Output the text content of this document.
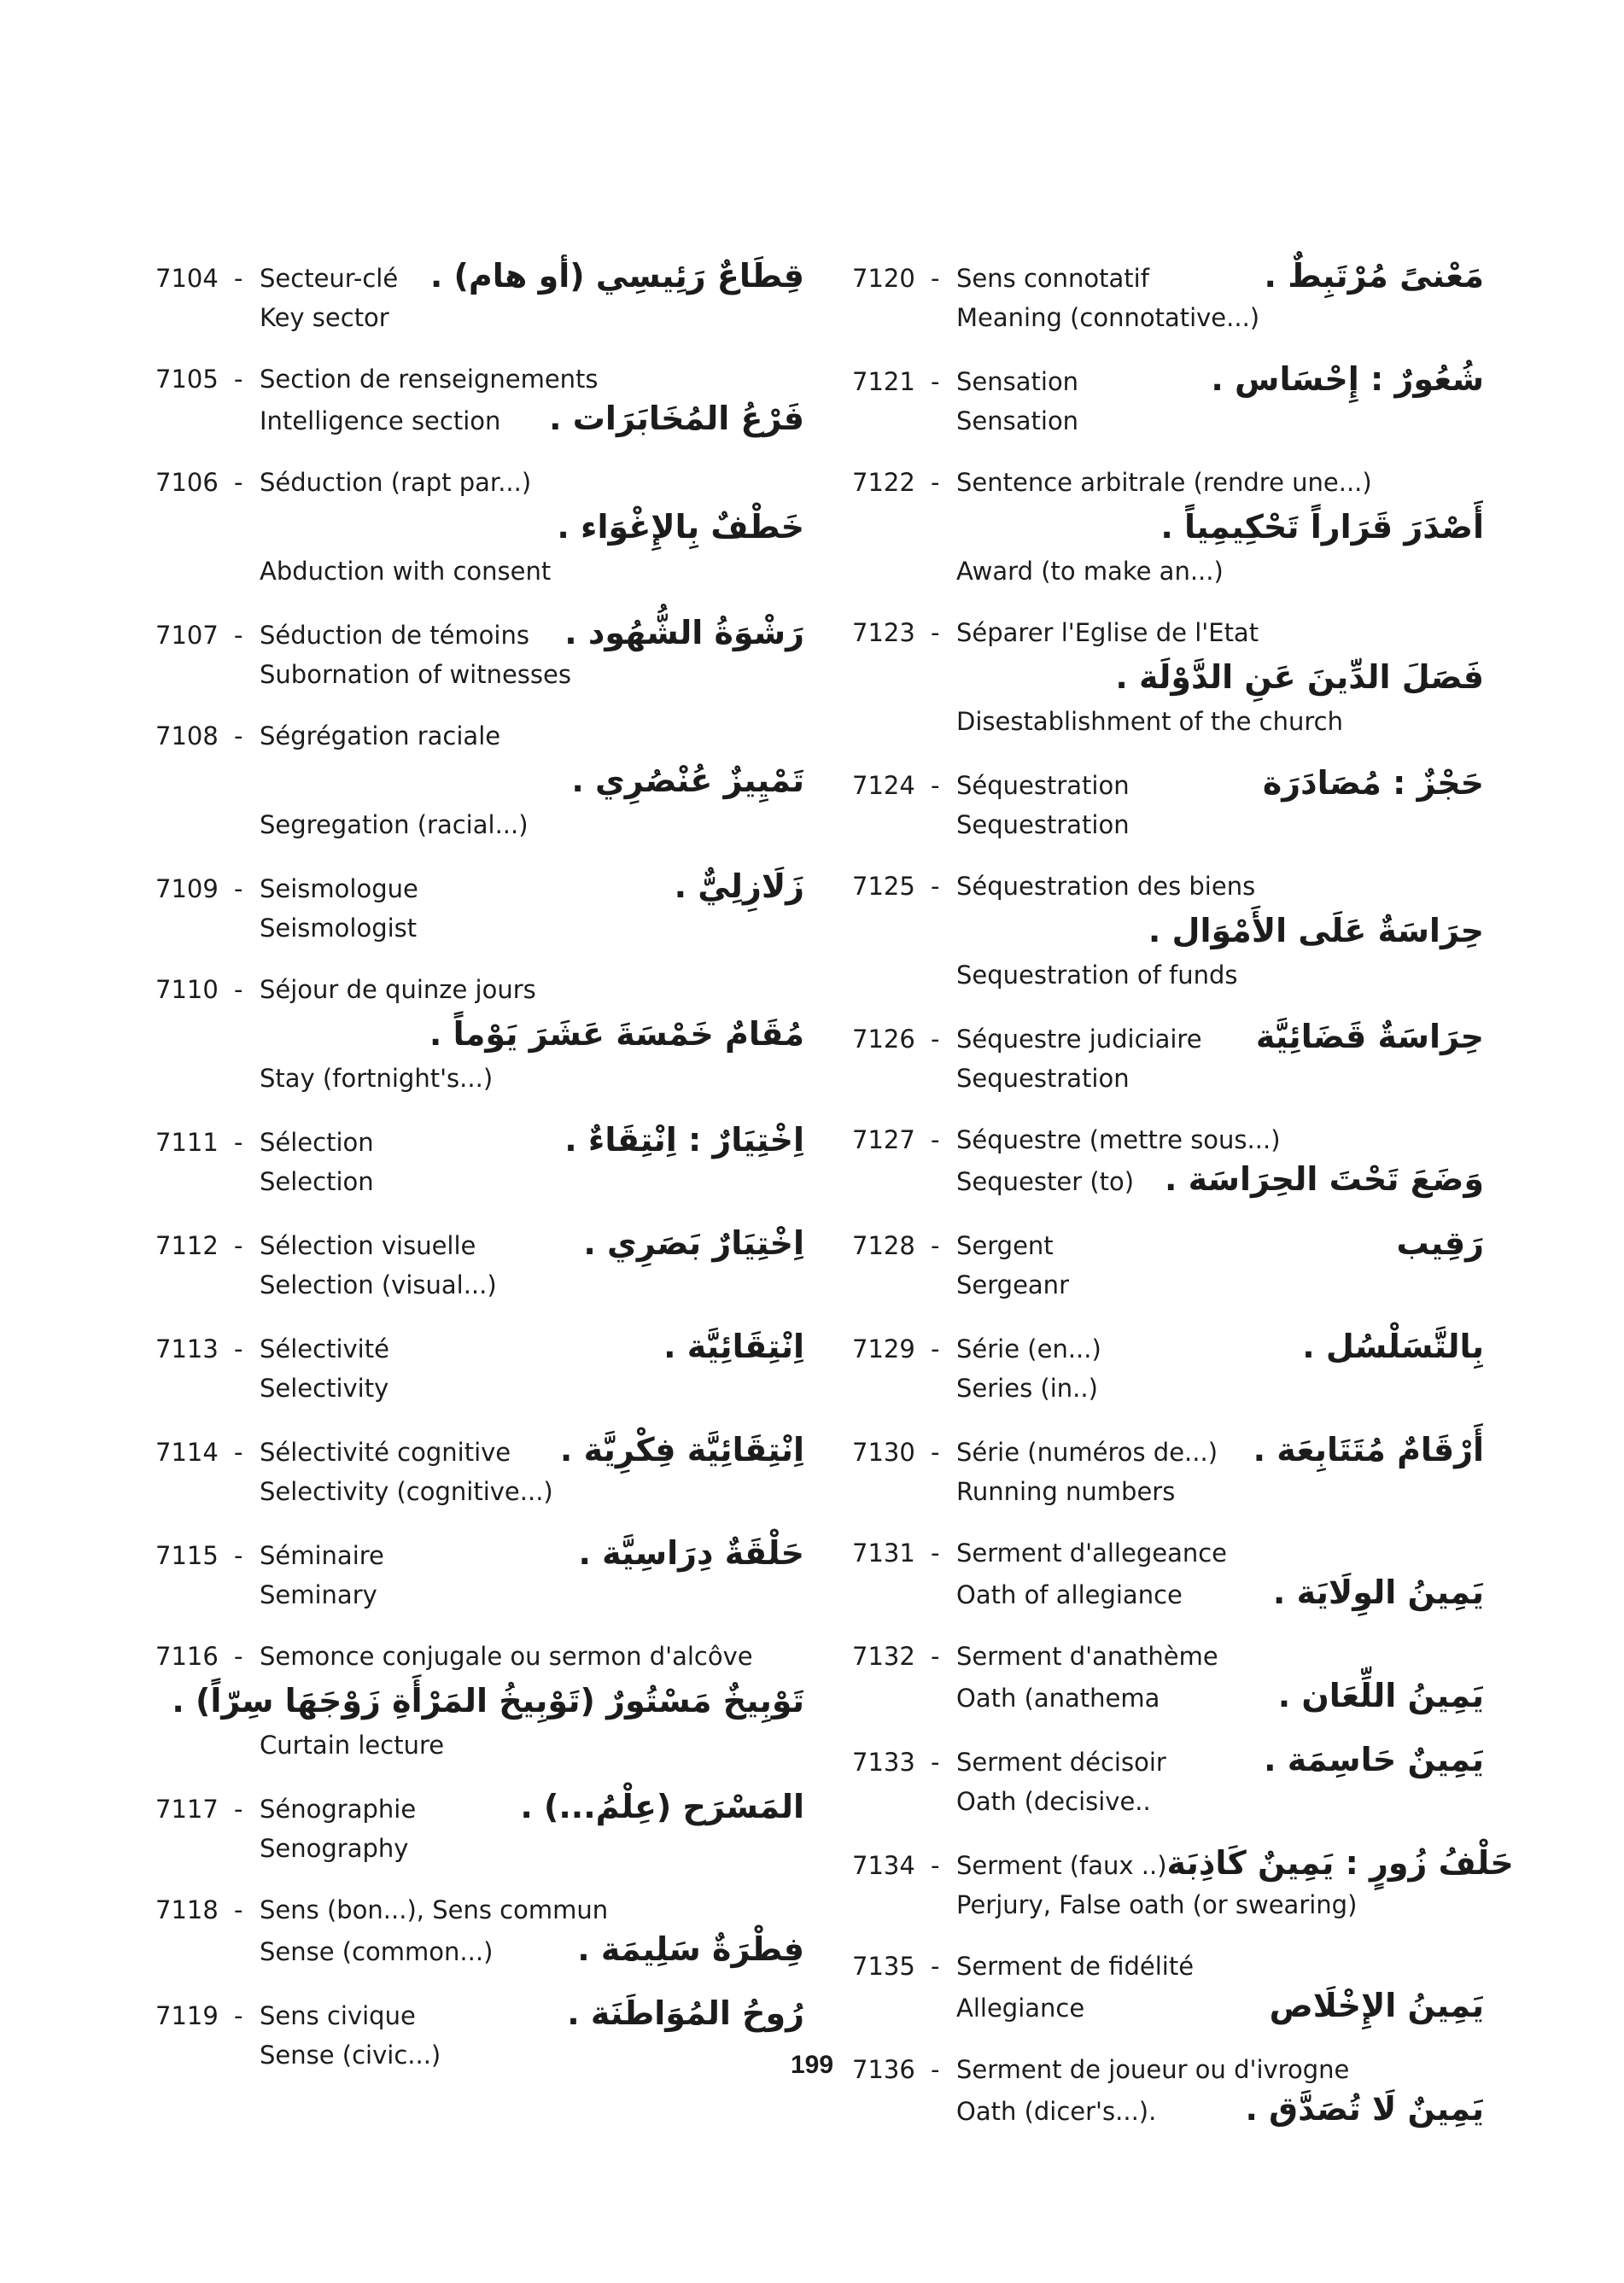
7104 - Secteur-clé قِطَاعٌ رَئِيسِي (أو هام) .
Key sector
7105 - Section de renseignements
Intelligence section	فَرْعُ المُخَابَرَات .
7106 - Séduction (rapt par...)
خَطْفٌ بِالإِغْوَاء .
Abduction with consent
7107 - Séduction de témoins	رَشْوَةُ الشُّهُود .
Subornation of witnesses
7108 - Ségrégation raciale
تَمْيِيزٌ عُنْصُرِي .
Segregation (racial...)
7109 - Seismologue	زَلَازِلِيٌّ .
Seismologist
7110 - Séjour de quinze jours
مُقَامٌ خَمْسَةَ عَشَرَ يَوْماً .
Stay (fortnight's...)
7111 - Sélection	اِخْتِيَارٌ : اِنْتِقَاءٌ .
Selection
7112 - Sélection visuelle	اِخْتِيَارٌ بَصَرِي .
Selection (visual...)
7113 - Sélectivité	اِنْتِقَائِيَّة .
Selectivity
7114 - Sélectivité cognitive	اِنْتِقَائِيَّة فِكْرِيَّة .
Selectivity (cognitive...)
7115 - Séminaire	حَلْقَةٌ دِرَاسِيَّة .
Seminary
7116 - Semonce conjugale ou sermon d'alcôve
تَوْبِيخٌ مَسْتُورٌ (تَوْبِيخُ المَرْأَةِ زَوْجَهَا سِرّاً) .
Curtain lecture
7117 - Sénographie	المَسْرَح (عِلْمُ...) .
Senography
7118 - Sens (bon...), Sens commun
Sense (common...)	فِطْرَةٌ سَلِيمَة .
7119 - Sens civique	رُوحُ المُوَاطَنَة .
Sense (civic...)
7120 - Sens connotatif	مَعْنىً مُرْتَبِطٌ .
Meaning (connotative...)
7121 - Sensation	شُعُورٌ : إِحْسَاس .
Sensation
7122 - Sentence arbitrale (rendre une...)
أَصْدَرَ قَرَاراً تَحْكِيمِياً .
Award (to make an...)
7123 - Séparer l'Eglise de l'Etat
فَصَلَ الدِّينَ عَنِ الدَّوْلَة .
Disestablishment of the church
7124 - Séquestration	حَجْزٌ : مُصَادَرَة
Sequestration
7125 - Séquestration des biens
حِرَاسَةٌ عَلَى الأَمْوَال .
Sequestration of funds
7126 - Séquestre judiciaire	حِرَاسَةٌ قَضَائِيَّة
Sequestration
7127 - Séquestre (mettre sous...)
Sequester (to) وَضَعَ تَحْتَ الحِرَاسَة .
7128 - Sergent	رَقِيب
Sergeanr
7129 - Série (en...)	بِالتَّسَلْسُل .
Series (in..)
7130 - Série (numéros de...)	أَرْقَامٌ مُتَتَابِعَة .
Running numbers
7131 - Serment d'allegeance
Oath of allegiance	يَمِينُ الوِلَايَة .
7132 - Serment d'anathème
Oath (anathema	يَمِينُ اللِّعَان .
7133 - Serment décisoir	يَمِينٌ حَاسِمَة .
Oath (decisive..
7134 - Serment (faux ..) حَلْفُ زُورٍ : يَمِينٌ كَاذِبَة
Perjury, False oath (or swearing)
7135 - Serment de fidélité
Allegiance	يَمِينُ الإِخْلَاص
7136 - Serment de joueur ou d'ivrogne
Oath (dicer's...).	يَمِينٌ لَا تُصَدَّق .
199
